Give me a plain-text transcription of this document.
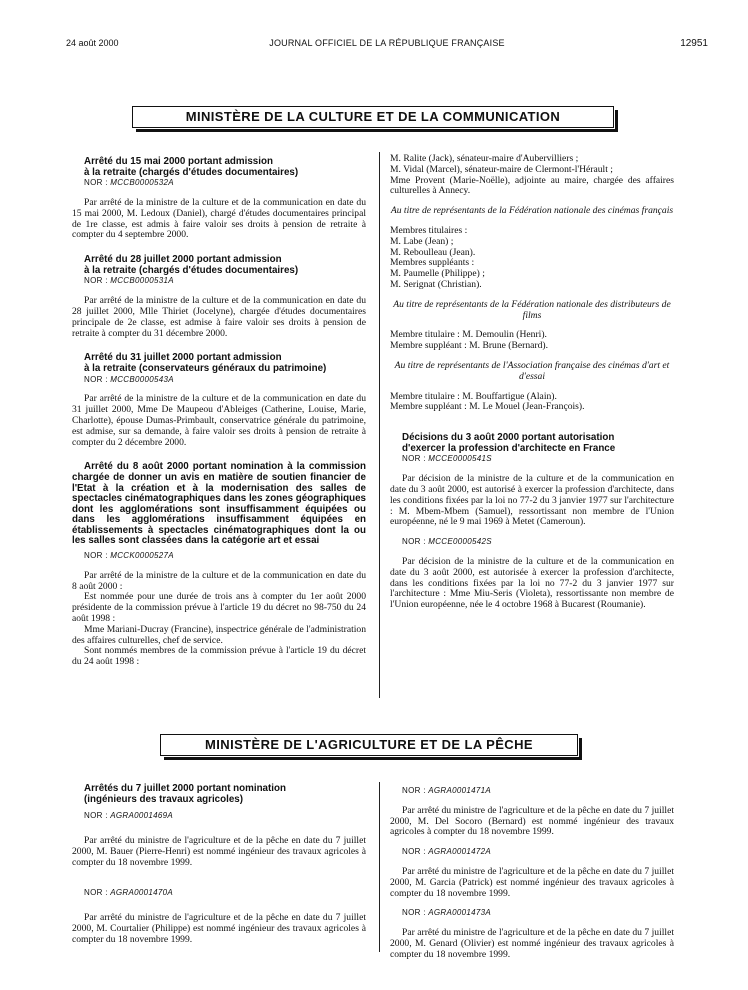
24 août 2000	JOURNAL OFFICIEL DE LA RÉPUBLIQUE FRANÇAISE	12951
MINISTÈRE DE LA CULTURE ET DE LA COMMUNICATION

Arrêté du 15 mai 2000 portant admission

à la retraite (chargés d'études documentaires)

NOR : MCCB0000532A

Par arrêté de la ministre de la culture et de la communication en date du 15 mai 2000, M. Ledoux (Daniel), chargé d'études documentaires principal de 1re classe, est admis à faire valoir ses droits à pension de retraite à compter du 4 septembre 2000.

Arrêté du 28 juillet 2000 portant admission

à la retraite (chargés d'études documentaires)

NOR : MCCB0000531A

Par arrêté de la ministre de la culture et de la communication en date du 28 juillet 2000, Mlle Thiriet (Jocelyne), chargée d'études documentaires principale de 2e classe, est admise à faire valoir ses droits à pension de retraite à compter du 31 décembre 2000.

Arrêté du 31 juillet 2000 portant admission

à la retraite (conservateurs généraux du patrimoine)

NOR : MCCB0000543A

Par arrêté de la ministre de la culture et de la communication en date du 31 juillet 2000, Mme De Maupeou d'Ableiges (Catherine, Louise, Marie, Charlotte), épouse Dumas-Primbault, conservatrice générale du patrimoine, est admise, sur sa demande, à faire valoir ses droits à pension de retraite à compter du 2 décembre 2000.

Arrêté du 8 août 2000 portant nomination à la commission chargée de donner un avis en matière de soutien financier de l'Etat à la création et à la modernisation des salles de spectacles cinématographiques dans les zones géographiques dont les agglomérations sont insuffisamment équipées ou dans les agglomérations insuffisamment équipées en établissements à spectacles cinématographiques dont la ou les salles sont classées dans la catégorie art et essai

NOR : MCCK0000527A

Par arrêté de la ministre de la culture et de la communication en date du 8 août 2000 :

Est nommée pour une durée de trois ans à compter du 1er août 2000 présidente de la commission prévue à l'article 19 du décret no 98-750 du 24 août 1998 :

Mme Mariani-Ducray (Francine), inspectrice générale de l'administration des affaires culturelles, chef de service.

Sont nommés membres de la commission prévue à l'article 19 du décret du 24 août 1998 :

M. Ralite (Jack), sénateur-maire d'Aubervilliers ;

M. Vidal (Marcel), sénateur-maire de Clermont-l'Hérault ;

Mme Provent (Marie-Noëlle), adjointe au maire, chargée des affaires culturelles à Annecy.

Au titre de représentants de la Fédération nationale des cinémas français

Membres titulaires :

M. Labe (Jean) ;

M. Reboulleau (Jean).

Membres suppléants :

M. Paumelle (Philippe) ;

M. Serignat (Christian).

Au titre de représentants de la Fédération nationale des distributeurs de films

Membre titulaire : M. Demoulin (Henri).

Membre suppléant : M. Brune (Bernard).

Au titre de représentants de l'Association française des cinémas d'art et d'essai

Membre titulaire : M. Bouffartigue (Alain).

Membre suppléant : M. Le Mouel (Jean-François).

Décisions du 3 août 2000 portant autorisation

d'exercer la profession d'architecte en France

NOR : MCCE0000541S

Par décision de la ministre de la culture et de la communication en date du 3 août 2000, est autorisé à exercer la profession d'architecte, dans les conditions fixées par la loi no 77-2 du 3 janvier 1977 sur l'architecture : M. Mbem-Mbem (Samuel), ressortissant non membre de l'Union européenne, né le 9 mai 1969 à Metet (Cameroun).

NOR : MCCE0000542S

Par décision de la ministre de la culture et de la communication en date du 3 août 2000, est autorisée à exercer la profession d'architecte, dans les conditions fixées par la loi no 77-2 du 3 janvier 1977 sur l'architecture : Mme Miu-Seris (Violeta), ressortissante non membre de l'Union européenne, née le 4 octobre 1968 à Bucarest (Roumanie).

MINISTÈRE DE L'AGRICULTURE ET DE LA PÊCHE

Arrêtés du 7 juillet 2000 portant nomination

(ingénieurs des travaux agricoles)

NOR : AGRA0001469A

Par arrêté du ministre de l'agriculture et de la pêche en date du 7 juillet 2000, M. Bauer (Pierre-Henri) est nommé ingénieur des travaux agricoles à compter du 18 novembre 1999.

NOR : AGRA0001470A

Par arrêté du ministre de l'agriculture et de la pêche en date du 7 juillet 2000, M. Courtalier (Philippe) est nommé ingénieur des travaux agricoles à compter du 18 novembre 1999.

NOR : AGRA0001471A

Par arrêté du ministre de l'agriculture et de la pêche en date du 7 juillet 2000, M. Del Socoro (Bernard) est nommé ingénieur des travaux agricoles à compter du 18 novembre 1999.

NOR : AGRA0001472A

Par arrêté du ministre de l'agriculture et de la pêche en date du 7 juillet 2000, M. Garcia (Patrick) est nommé ingénieur des travaux agricoles à compter du 18 novembre 1999.

NOR : AGRA0001473A

Par arrêté du ministre de l'agriculture et de la pêche en date du 7 juillet 2000, M. Genard (Olivier) est nommé ingénieur des travaux agricoles à compter du 18 novembre 1999.
